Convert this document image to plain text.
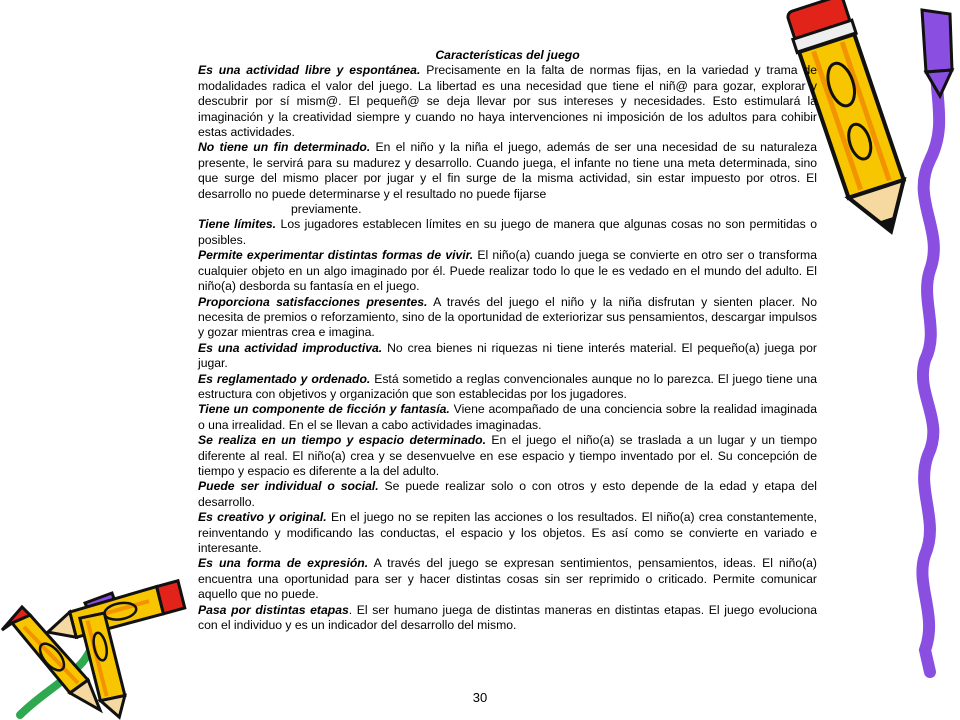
Características del juego

Es una actividad libre y espontánea. Precisamente en la falta de normas fijas, en la variedad y trama de modalidades radica el valor del juego. La libertad es una necesidad que tiene el niñ@ para gozar, explorar y descubrir por sí mism@. El pequeñ@ se deja llevar por sus intereses y necesidades. Esto estimulará la imaginación y la creatividad siempre y cuando no haya intervenciones ni imposición de los adultos para cohibir estas actividades.

No tiene un fin determinado. En el niño y la niña el juego, además de ser una necesidad de su naturaleza presente, le servirá para su madurez y desarrollo. Cuando juega, el infante no tiene una meta determinada, sino que surge del mismo placer por jugar y el fin surge de la misma actividad, sin estar impuesto por otros. El desarrollo no puede determinarse y el resultado no puede fijarse
previamente.

Tiene límites. Los jugadores establecen límites en su juego de manera que algunas cosas no son permitidas o posibles.

Permite experimentar distintas formas de vivir. El niño(a) cuando juega se convierte en otro ser o transforma cualquier objeto en un algo imaginado por él. Puede realizar todo lo que le es vedado en el mundo del adulto. El niño(a) desborda su fantasía en el juego.

Proporciona satisfacciones presentes. A través del juego el niño y la niña disfrutan y sienten placer. No necesita de premios o reforzamiento, sino de la oportunidad de exteriorizar sus pensamientos, descargar impulsos y gozar mientras crea e imagina.

Es una actividad improductiva. No crea bienes ni riquezas ni tiene interés material. El pequeño(a) juega por jugar.

Es reglamentado y ordenado. Está sometido a reglas convencionales aunque no lo parezca. El juego tiene una estructura con objetivos y organización que son establecidas por los jugadores.

Tiene un componente de ficción y fantasía. Viene acompañado de una conciencia sobre la realidad imaginada o una irrealidad. En el se llevan a cabo actividades imaginadas.

Se realiza en un tiempo y espacio determinado. En el juego el niño(a) se traslada a un lugar y un tiempo diferente al real. El niño(a) crea y se desenvuelve en ese espacio y tiempo inventado por el. Su concepción de tiempo y espacio es diferente a la del adulto.

Puede ser individual o social. Se puede realizar solo o con otros y esto depende de la edad y etapa del desarrollo.

Es creativo y original. En el juego no se repiten las acciones o los resultados. El niño(a) crea constantemente, reinventando y modificando las conductas, el espacio y los objetos. Es así como se convierte en variado e interesante.

Es una forma de expresión. A través del juego se expresan sentimientos, pensamientos, ideas. El niño(a) encuentra una oportunidad para ser y hacer distintas cosas sin ser reprimido o criticado. Permite comunicar aquello que no puede.

Pasa por distintas etapas. El ser humano juega de distintas maneras en distintas etapas. El juego evoluciona con el individuo y es un indicador del desarrollo del mismo.

30
